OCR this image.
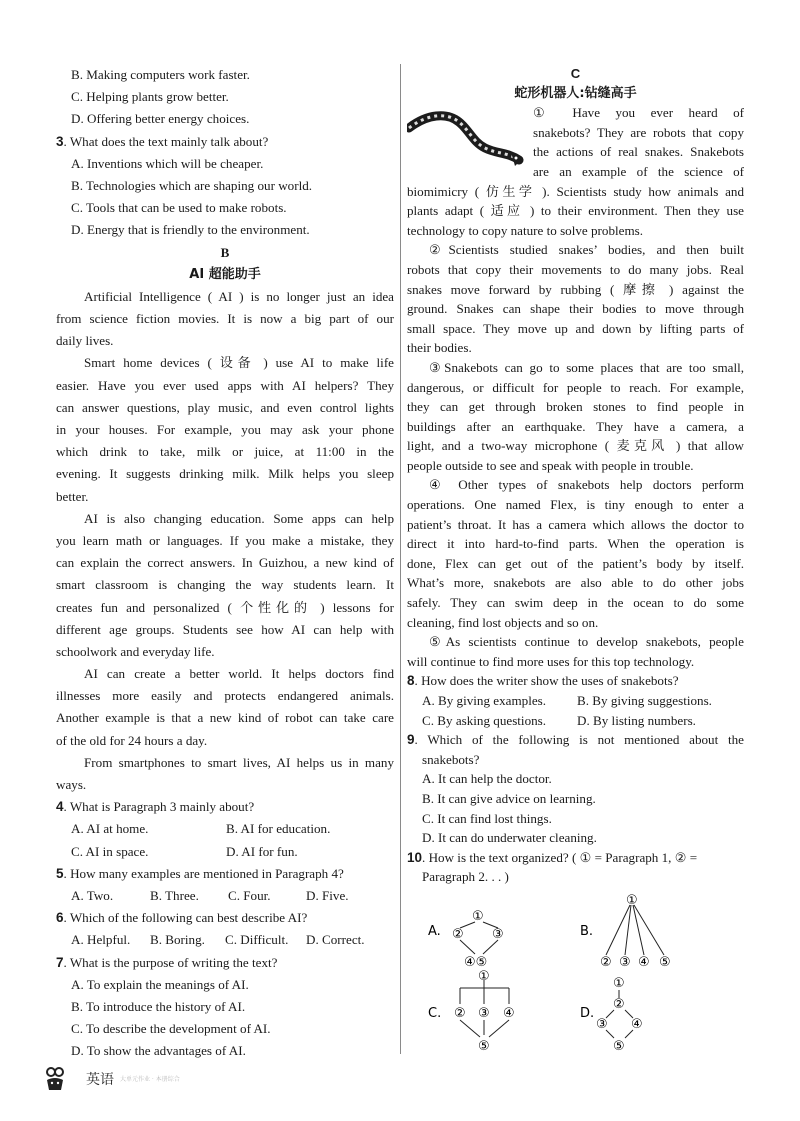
B. Making computers work faster.
C. Helping plants grow better.
D. Offering better energy choices.
3. What does the text mainly talk about?
A. Inventions which will be cheaper.
B. Technologies which are shaping our world.
C. Tools that can be used to make robots.
D. Energy that is friendly to the environment.
B
AI 超能助手
Artificial Intelligence ( AI ) is no longer just an idea
from science fiction movies. It is now a big part of our
daily lives.
Smart home devices ( 设备 ) use AI to make life
easier. Have you ever used apps with AI helpers? They
can answer questions, play music, and even control lights
in your houses. For example, you may ask your phone
which drink to take, milk or juice, at 11:00 in the
evening. It suggests drinking milk. Milk helps you sleep
better.
AI is also changing education. Some apps can help
you learn math or languages. If you make a mistake, they
can explain the correct answers. In Guizhou, a new kind of
smart classroom is changing the way students learn. It
creates fun and personalized ( 个性化的 ) lessons for
different age groups. Students see how AI can help with
schoolwork and everyday life.
AI can create a better world. It helps doctors find
illnesses more easily and protects endangered animals.
Another example is that a new kind of robot can take care
of the old for 24 hours a day.
From smartphones to smart lives, AI helps us in many
ways.
4. What is Paragraph 3 mainly about?
A. AI at home.	B. AI for education.
C. AI in space.	D. AI for fun.
5. How many examples are mentioned in Paragraph 4?
A. Two.	B. Three.	C. Four.	D. Five.
6. Which of the following can best describe AI?
A. Helpful.	B. Boring.	C. Difficult.	D. Correct.
7. What is the purpose of writing the text?
A. To explain the meanings of AI.
B. To introduce the history of AI.
C. To describe the development of AI.
D. To show the advantages of AI.
C
蛇形机器人:钻缝高手
① Have you ever heard of
snakebots? They are robots that copy
the actions of real snakes. Snakebots
are an example of the science of
biomimicry ( 仿生学 ). Scientists study how animals and
plants adapt ( 适应 ) to their environment. Then they use
technology to copy nature to solve problems.
②Scientists studied snakes’ bodies, and then built
robots that copy their movements to do many jobs. Real
snakes move forward by rubbing ( 摩擦 ) against the
ground. Snakes can shape their bodies to move through
small space. They move up and down by lifting parts of
their bodies.
③Snakebots can go to some places that are too small,
dangerous, or difficult for people to reach. For example,
they can get through broken stones to find people in
buildings after an earthquake. They have a camera, a
light, and a two-way microphone ( 麦克风 ) that allow
people outside to see and speak with people in trouble.
④ Other types of snakebots help doctors perform
operations. One named Flex, is tiny enough to enter a
patient’s throat. It has a camera which allows the doctor to
direct it into hard-to-find parts. When the operation is
done, Flex can get out of the patient’s body by itself.
What’s more, snakebots are also able to do other jobs
safely. They can swim deep in the ocean to do some
cleaning, find lost objects and so on.
⑤As scientists continue to develop snakebots, people
will continue to find more uses for this top technology.
8. How does the writer show the uses of snakebots?
A. By giving examples.	B. By giving suggestions.
C. By asking questions.	D. By listing numbers.
9. Which of the following is not mentioned about the
snakebots?
A. It can help the doctor.
B. It can give advice on learning.
C. It can find lost things.
D. It can do underwater cleaning.
10. How is the text organized? ( ① = Paragraph 1, ② =
Paragraph 2. . . )
A.
①
② ③
④⑤
B.
①
② ③ ④ ⑤
C.
①
② ③ ④
⑤
D.
①
②
③ ④
⑤
英语 大单元作业 · 本册综合
